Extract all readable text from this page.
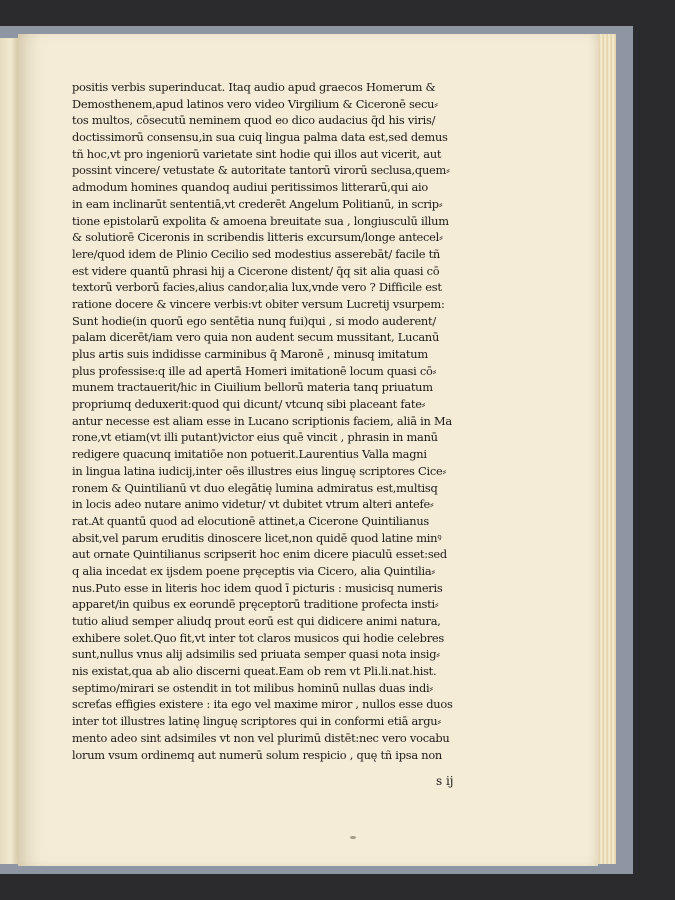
positis verbis superinducat. Itaq audio apud graecos Homerum &
Demosthenem,apud latinos vero video Virgilium & Ciceronē secu⸗
tos multos, cōsecutū neminem quod eo dico audacius q̄d his viris/
doctissimorū consensu,in sua cuiq lingua palma data est,sed demus
tñ hoc,vt pro ingeniorū varietate sint hodie qui illos aut vicerit, aut
possint vincere/ vetustate & autoritate tantorū virorū seclusa,quem⸗
admodum homines quandoq audiui peritissimos litterarū,qui aio
in eam inclinarūt sententiā,vt crederēt Angelum Politianū, in scrip⸗
tione epistolarū expolita & amoena breuitate sua , longiusculū illum
& solutiorē Ciceronis in scribendis litteris excursum/longe antecel⸗
lere/quod idem de Plinio Cecilio sed modestius asserebāt/ facile tñ
est videre quantū phrasi hij a Cicerone distent/ q̄q sit alia quasi cō
textorū verborū facies,alius candor,alia lux,vnde vero ? Difficile est
ratione docere & vincere verbis:vt obiter versum Lucretij vsurpem:
Sunt hodie(in quorū ego sentētia nunq fui)qui , si modo auderent/
palam dicerēt/iam vero quia non audent secum mussitant, Lucanū
plus artis suis indidisse carminibus q̄ Maronē , minusq imitatum
plus professise:q ille ad apertā Homeri imitationē locum quasi cō⸗
munem tractauerit/hic in Ciuilium bellorū materia tanq priuatum
propriumq deduxerit:quod qui dicunt/ vtcunq sibi placeant fate⸗
antur necesse est aliam esse in Lucano scriptionis faciem, aliā in Ma
rone,vt etiam(vt illi putant)victor eius quē vincit , phrasin in manū
redigere quacunq imitatiōe non potuerit.Laurentius Valla magni
in lingua latina iudicij,inter oēs illustres eius linguę scriptores Cice⸗
ronem & Quintilianū vt duo elegātię lumina admiratus est,multisq
in locis adeo nutare animo videtur/ vt dubitet vtrum alteri antefe⸗
rat.At quantū quod ad elocutionē attinet,a Cicerone Quintilianus
absit,vel parum eruditis dinoscere licet,non quidē quod latine minꝰ
aut ornate Quintilianus scripserit hoc enim dicere piaculū esset:sed
q alia incedat ex ijsdem poene pręceptis via Cicero, alia Quintilia⸗
nus.Puto esse in literis hoc idem quod ī picturis : musicisq numeris
apparet/in quibus ex eorundē pręceptorū traditione profecta insti⸗
tutio aliud semper aliudq prout eorū est qui didicere animi natura,
exhibere solet.Quo fit,vt inter tot claros musicos qui hodie celebres
sunt,nullus vnus alij adsimilis sed priuata semper quasi nota insig⸗
nis existat,qua ab alio discerni queat.Eam ob rem vt Pli.li.nat.hist.
septimo/mirari se ostendit in tot milibus hominū nullas duas indi⸗
screťas effigies existere : ita ego vel maxime miror , nullos esse duos
inter tot illustres latinę linguę scriptores qui in conformi etiā argu⸗
mento adeo sint adsimiles vt non vel plurimū distēt:nec vero vocabu
lorum vsum ordinemq aut numerū solum respicio , quę tñ ipsa non
s ij
